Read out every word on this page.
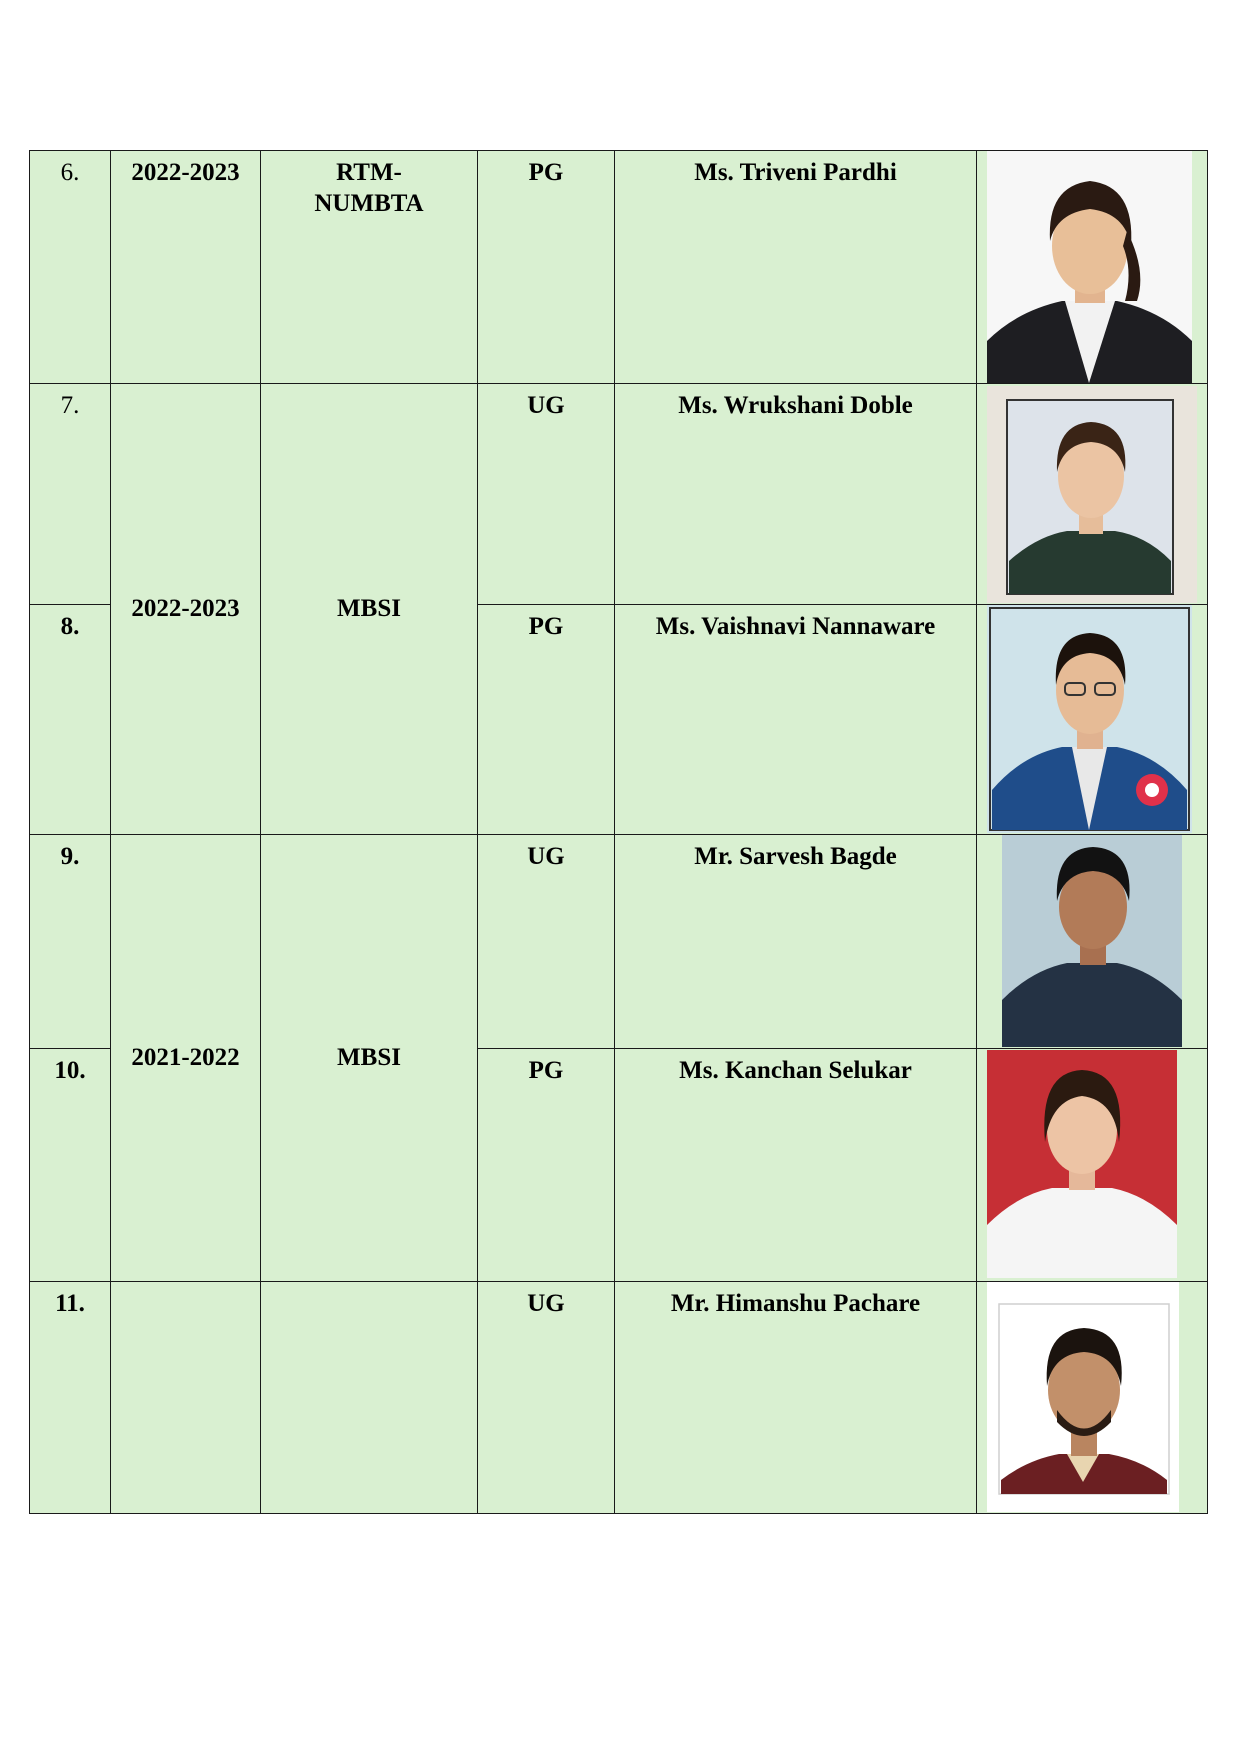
6.	2022-2023	RTM-
NUMBTA	PG	Ms. Triveni Pardhi	

7.	2022-2023	MBSI	UG	Ms. Wrukshani Doble	

8.			PG	Ms. Vaishnavi Nannaware	

9.	2021-2022	MBSI	UG	Mr. Sarvesh Bagde	

10.			PG	Ms. Kanchan Selukar	

11.			UG	Mr. Himanshu Pachare	
